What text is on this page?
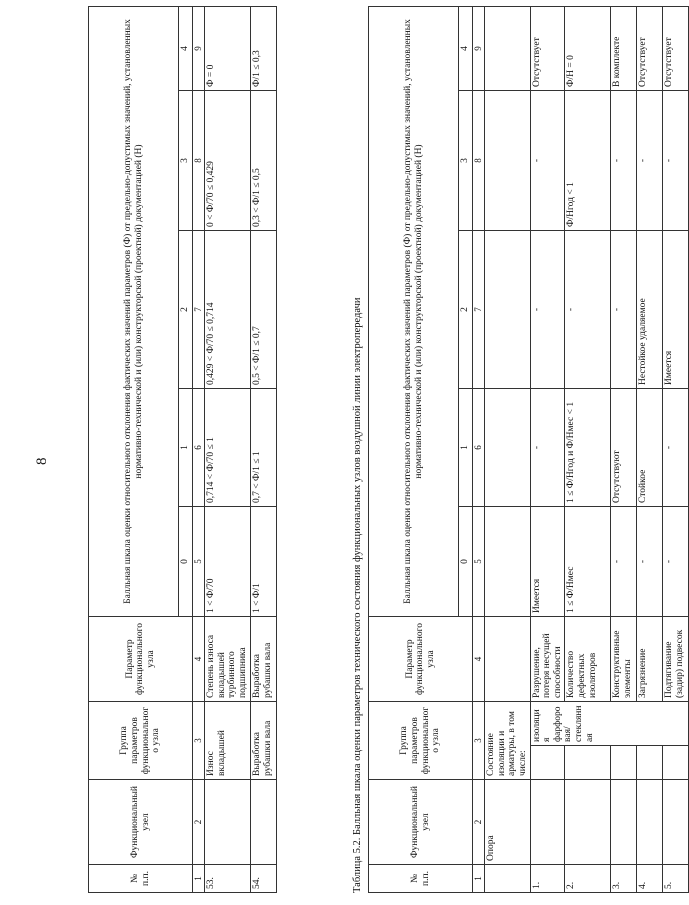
8
№ п.п.	Функциональный узел	Группа параметров функционального узла	Параметр функционального узла	Балльная шкала оценки относительного отклонения фактических значений параметров (Ф) от предельно-допустимых значений, установленных нормативно-технической и (или) конструкторской (проектной) документацией (Н)				
				0	1	2	3	4
1	2	3	4	5	6	7	8	9
53.		Износ вкладышей	Степень износа вкладышей турбинного подшипника	1 < Ф/70	0,714 < Ф/70 ≤ 1	0,429 < Ф/70 ≤ 0,714	0 < Ф/70 ≤ 0,429	Ф = 0
54.		Выработка рубашки вала	Выработка рубашки вала	1 < Ф/1	0,7 < Ф/1 ≤ 1	0,5 < Ф/1 ≤ 0,7	0,3 < Ф/1 ≤ 0,5	Ф/1 ≤ 0,3
Таблица 5.2. Балльная шкала оценки параметров технического состояния функциональных узлов воздушной линии электропередачи	№ п.п.	Функциональный узел	Группа параметров функционального узла		Параметр функционального узла	Балльная шкала оценки относительного отклонения фактических значений параметров (Ф) от предельно-допустимых значений, установленных нормативно-технической и (или) конструкторской (проектной) документацией (Н)				
					0	1	2	3	4
1	2	3		4	5	6	7	8	9
	Опора	Состояние изоляции и арматуры, в том числе:							
1.			изоляция фарфоровая/стеклянная	Разрушение, потеря несущей способности	Имеется	-	-	-	Отсутствует
2.				Количество дефектных изоляторов	1 ≤ Ф/Нмес	1 ≤ Ф/Нгод и Ф/Нмес < 1	-	Ф/Нгод < 1	Ф/Н = 0
3.				Конструктивные элементы	-	Отсутствуют	-	-	В комплекте
4.				Загрязнение	-	Стойкое	Нестойкое удаляемое	-	Отсутствует
5.				Подтягивание (задир) подвесок	-	-	Имеется	-	Отсутствует
